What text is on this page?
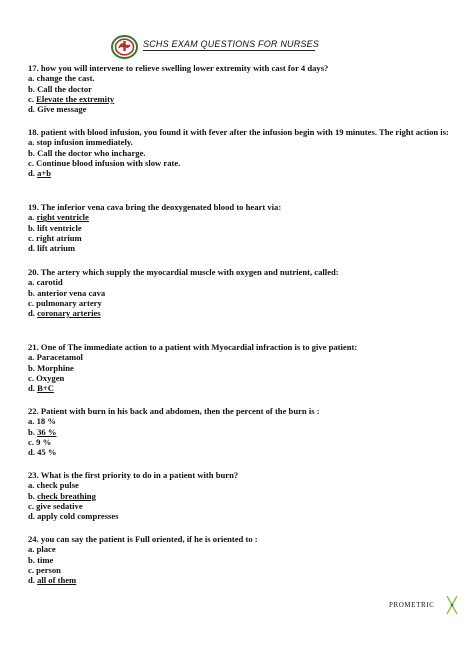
SCHS EXAM QUESTIONS FOR NURSES

17. how you will intervene to relieve swelling lower extremity with cast for 4 days?

a. change the cast.

b. Call the doctor

c. Elevate the extremity

d. Give message

18. patient with blood infusion, you found it with fever after the infusion begin with 19 minutes. The right action is:

a. stop infusion immediately.

b. Call the doctor who incharge.

c. Continue blood infusion with slow rate.

d. a+b

19. The inferior vena cava bring the deoxygenated blood to heart via:

a. right ventricle

b. lift ventricle

c. right atrium

d. lift atrium

20. The artery which supply the myocardial muscle with oxygen and nutrient, called:

a. carotid

b. anterior vena cava

c. pulmonary artery

d. coronary arteries

21. One of The immediate action to a patient with Myocardial infraction is to give patient:

a. Paracetamol

b. Morphine

c. Oxygen

d. B+C

22. Patient with burn in his back and abdomen, then the percent of the burn is :

a. 18 %

b. 36 %

c. 9 %

d. 45 %

23. What is the first priority to do in a patient with burn?

a. check pulse

b. check breathing

c. give sedative

d. apply cold compresses

24. you can say the patient is Full oriented, if he is oriented to :

a. place

b. time

c. person

d. all of them

PROMETRIC
